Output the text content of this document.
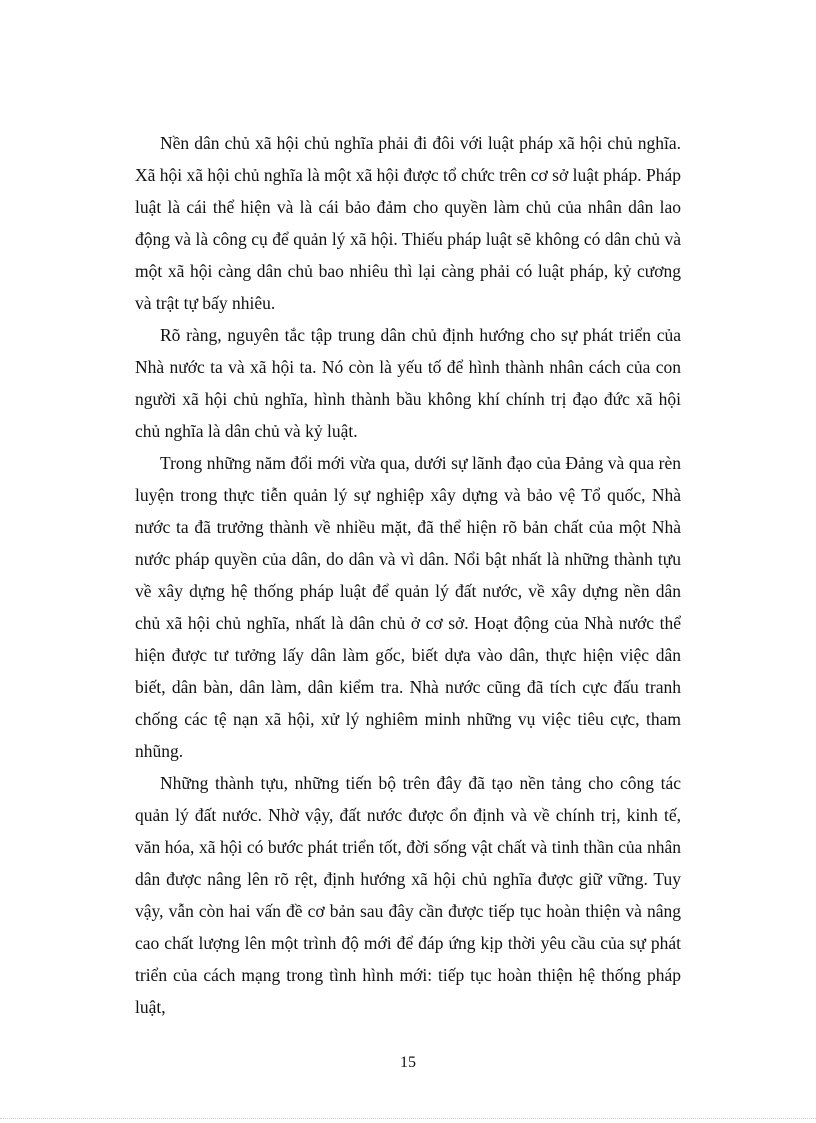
Nền dân chủ xã hội chủ nghĩa phải đi đôi với luật pháp xã hội chủ nghĩa. Xã hội xã hội chủ nghĩa là một xã hội được tổ chức trên cơ sở luật pháp. Pháp luật là cái thể hiện và là cái bảo đảm cho quyền làm chủ của nhân dân lao động và là công cụ để quản lý xã hội. Thiếu pháp luật sẽ không có dân chủ và một xã hội càng dân chủ bao nhiêu thì lại càng phải có luật pháp, kỷ cương và trật tự bấy nhiêu.

Rõ ràng, nguyên tắc tập trung dân chủ định hướng cho sự phát triển của Nhà nước ta và xã hội ta. Nó còn là yếu tố để hình thành nhân cách của con người xã hội chủ nghĩa, hình thành bầu không khí chính trị đạo đức xã hội chủ nghĩa là dân chủ và kỷ luật.

Trong những năm đổi mới vừa qua, dưới sự lãnh đạo của Đảng và qua rèn luyện trong thực tiễn quản lý sự nghiệp xây dựng và bảo vệ Tổ quốc, Nhà nước ta đã trưởng thành về nhiều mặt, đã thể hiện rõ bản chất của một Nhà nước pháp quyền của dân, do dân và vì dân. Nổi bật nhất là những thành tựu về xây dựng hệ thống pháp luật để quản lý đất nước, về xây dựng nền dân chủ xã hội chủ nghĩa, nhất là dân chủ ở cơ sở. Hoạt động của Nhà nước thể hiện được tư tưởng lấy dân làm gốc, biết dựa vào dân, thực hiện việc dân biết, dân bàn, dân làm, dân kiểm tra. Nhà nước cũng đã tích cực đấu tranh chống các tệ nạn xã hội, xử lý nghiêm minh những vụ việc tiêu cực, tham nhũng.

Những thành tựu, những tiến bộ trên đây đã tạo nền tảng cho công tác quản lý đất nước. Nhờ vậy, đất nước được ổn định và về chính trị, kinh tế, văn hóa, xã hội có bước phát triển tốt, đời sống vật chất và tinh thần của nhân dân được nâng lên rõ rệt, định hướng xã hội chủ nghĩa được giữ vững. Tuy vậy, vẫn còn hai vấn đề cơ bản sau đây cần được tiếp tục hoàn thiện và nâng cao chất lượng lên một trình độ mới để đáp ứng kịp thời yêu cầu của sự phát triển của cách mạng trong tình hình mới: tiếp tục hoàn thiện hệ thống pháp luật,

15
